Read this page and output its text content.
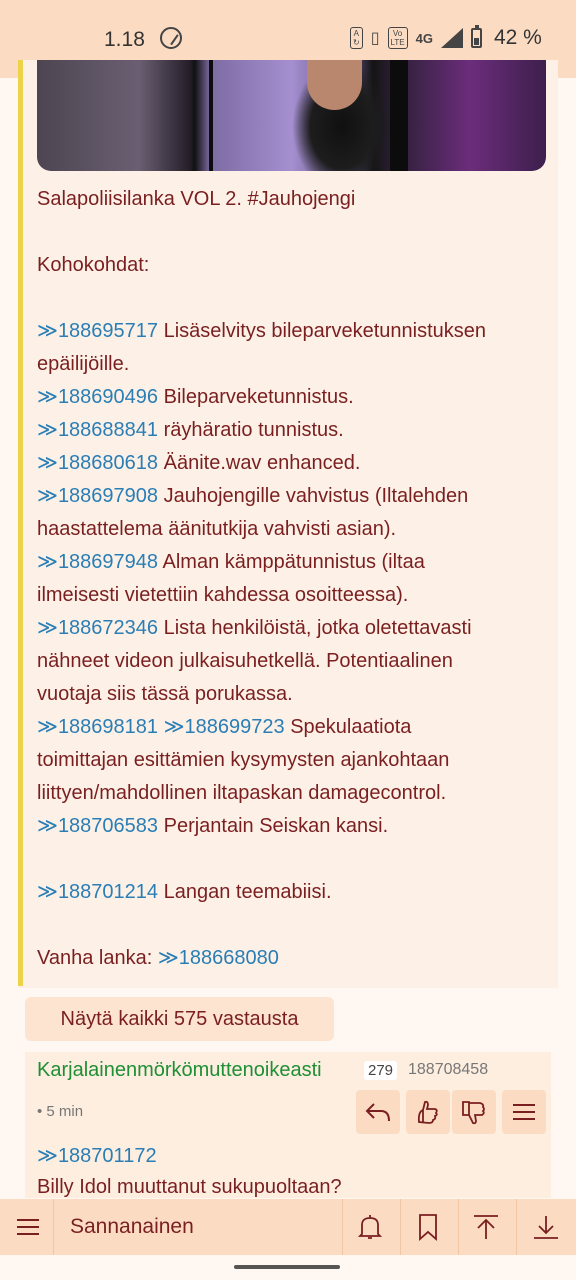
1.18	A
↻ ▯	Vo
LTE 4G	42 %
Salapoliisilanka VOL 2. #Jauhojengi

Kohokohdat:

≫188695717 Lisäselvitys bileparveketunnistuksen
epäilijöille.
≫188690496 Bileparveketunnistus.
≫188688841 räyhäratio tunnistus.
≫188680618 Äänite.wav enhanced.
≫188697908 Jauhojengille vahvistus (Iltalehden
haastattelema äänitutkija vahvisti asian).
≫188697948 Alman kämppätunnistus (iltaa
ilmeisesti vietettiin kahdessa osoitteessa).
≫188672346 Lista henkilöistä, jotka oletettavasti
nähneet videon julkaisuhetkellä. Potentiaalinen
vuotaja siis tässä porukassa.
≫188698181 ≫188699723 Spekulaatiota
toimittajan esittämien kysymysten ajankohtaan
liittyen/mahdollinen iltapaskan damagecontrol.
≫188706583 Perjantain Seiskan kansi.

≫188701214 Langan teemabiisi.

Vanha lanka: ≫188668080
Näytä kaikki 575 vastausta
Karjalainenmörkömuttenoikeasti	279 188708458
• 5 min
≫188701172
Billy Idol muuttanut sukupuoltaan?
Sannanainen
